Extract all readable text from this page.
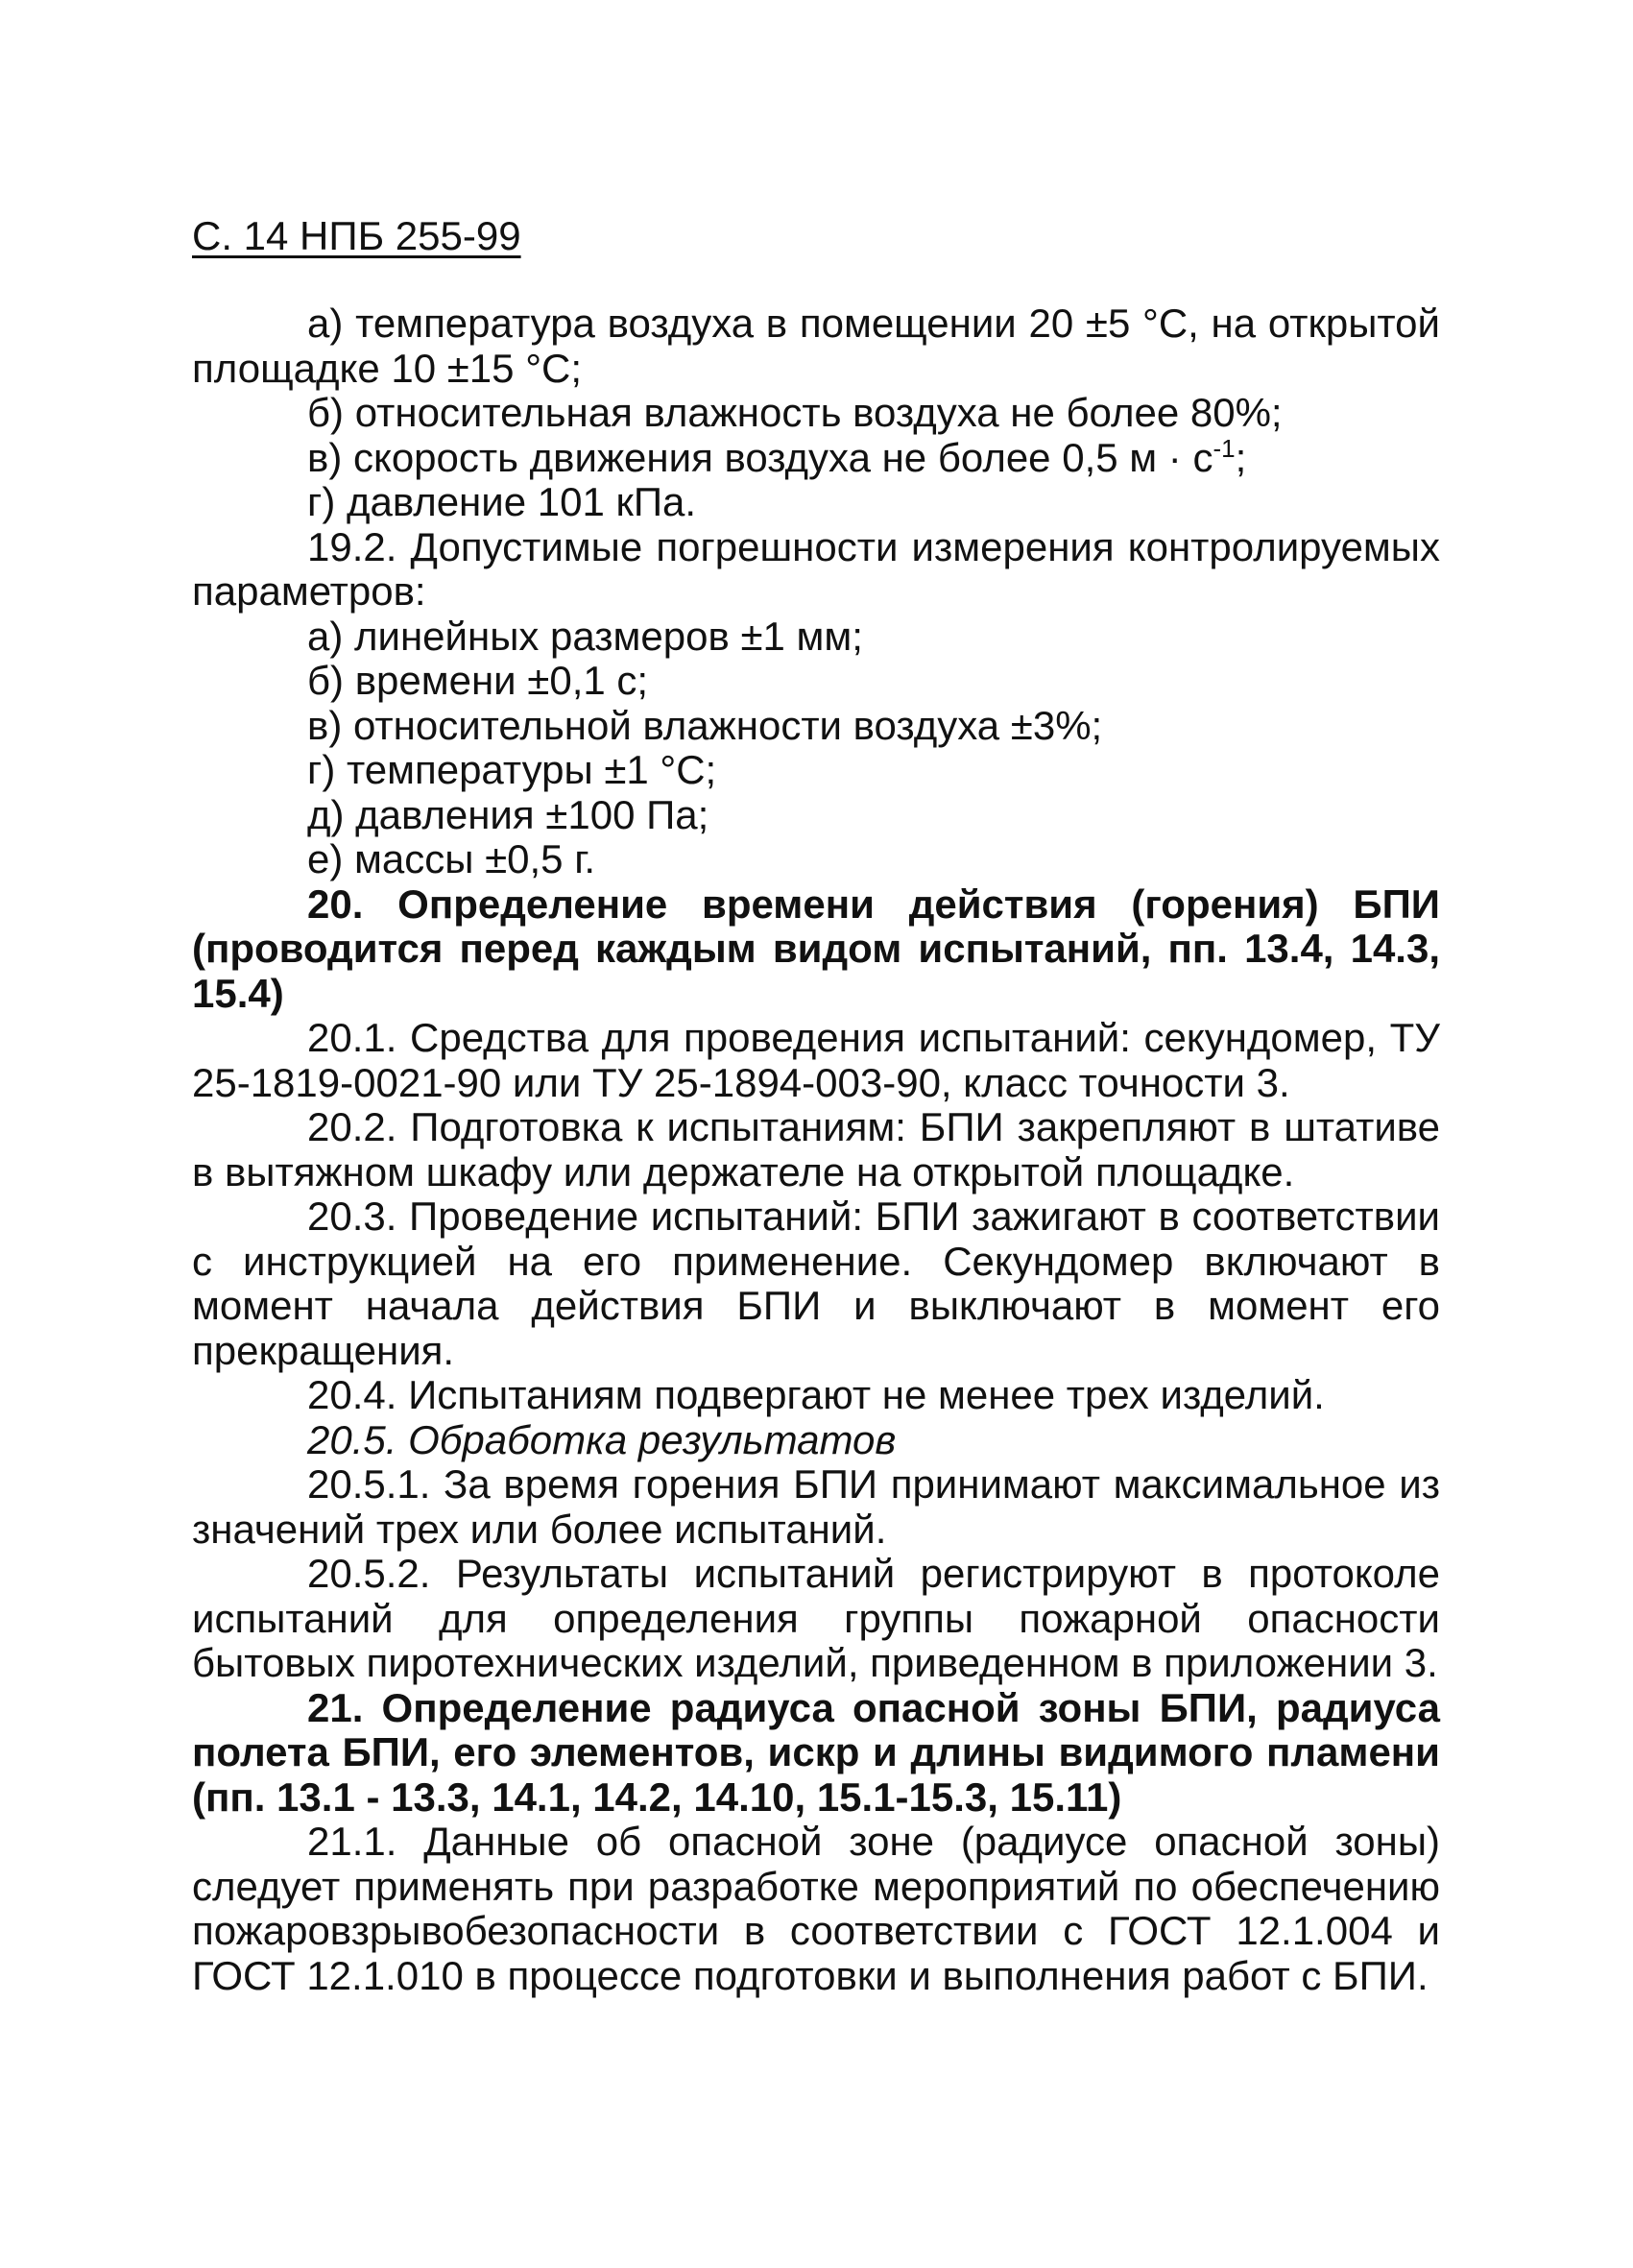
С. 14 НПБ 255-99

а) температура воздуха в помещении 20 ±5 °С, на открытой площадке 10 ±15 °С;

б) относительная влажность воздуха не более 80%;

в) скорость движения воздуха не более 0,5 $м \cdot с^{-1}$;

г) давление 101 кПа.

19.2. Допустимые погрешности измерения контролируемых параметров:

а) линейных размеров ±1 мм;

б) времени ±0,1 с;

в) относительной влажности воздуха ±3%;

г) температуры ±1 °С;

д) давления ±100 Па;

е) массы ±0,5 г.

20. Определение времени действия (горения) БПИ (проводится перед каждым видом испытаний, пп. 13.4, 14.3, 15.4)

20.1. Средства для проведения испытаний: секундомер, ТУ 25-1819-0021-90 или ТУ 25-1894-003-90, класс точности 3.

20.2. Подготовка к испытаниям: БПИ закрепляют в штативе в вытяжном шкафу или держателе на открытой площадке.

20.3. Проведение испытаний: БПИ зажигают в соответствии с инструкцией на его применение. Секундомер включают в момент начала действия БПИ и выключают в момент его прекращения.

20.4. Испытаниям подвергают не менее трех изделий.

20.5. Обработка результатов

20.5.1. За время горения БПИ принимают максимальное из значений трех или более испытаний.

20.5.2. Результаты испытаний регистрируют в протоколе испытаний для определения группы пожарной опасности бытовых пиротехнических изделий, приведенном в приложении 3.

21. Определение радиуса опасной зоны БПИ, радиуса полета БПИ, его элементов, искр и длины видимого пламени (пп. 13.1 - 13.3, 14.1, 14.2, 14.10, 15.1-15.3, 15.11)

21.1. Данные об опасной зоне (радиусе опасной зоны) следует применять при разработке мероприятий по обеспечению пожаровзрывобезопасности в соответствии с ГОСТ 12.1.004 и ГОСТ 12.1.010 в процессе подготовки и выполнения работ с БПИ.
